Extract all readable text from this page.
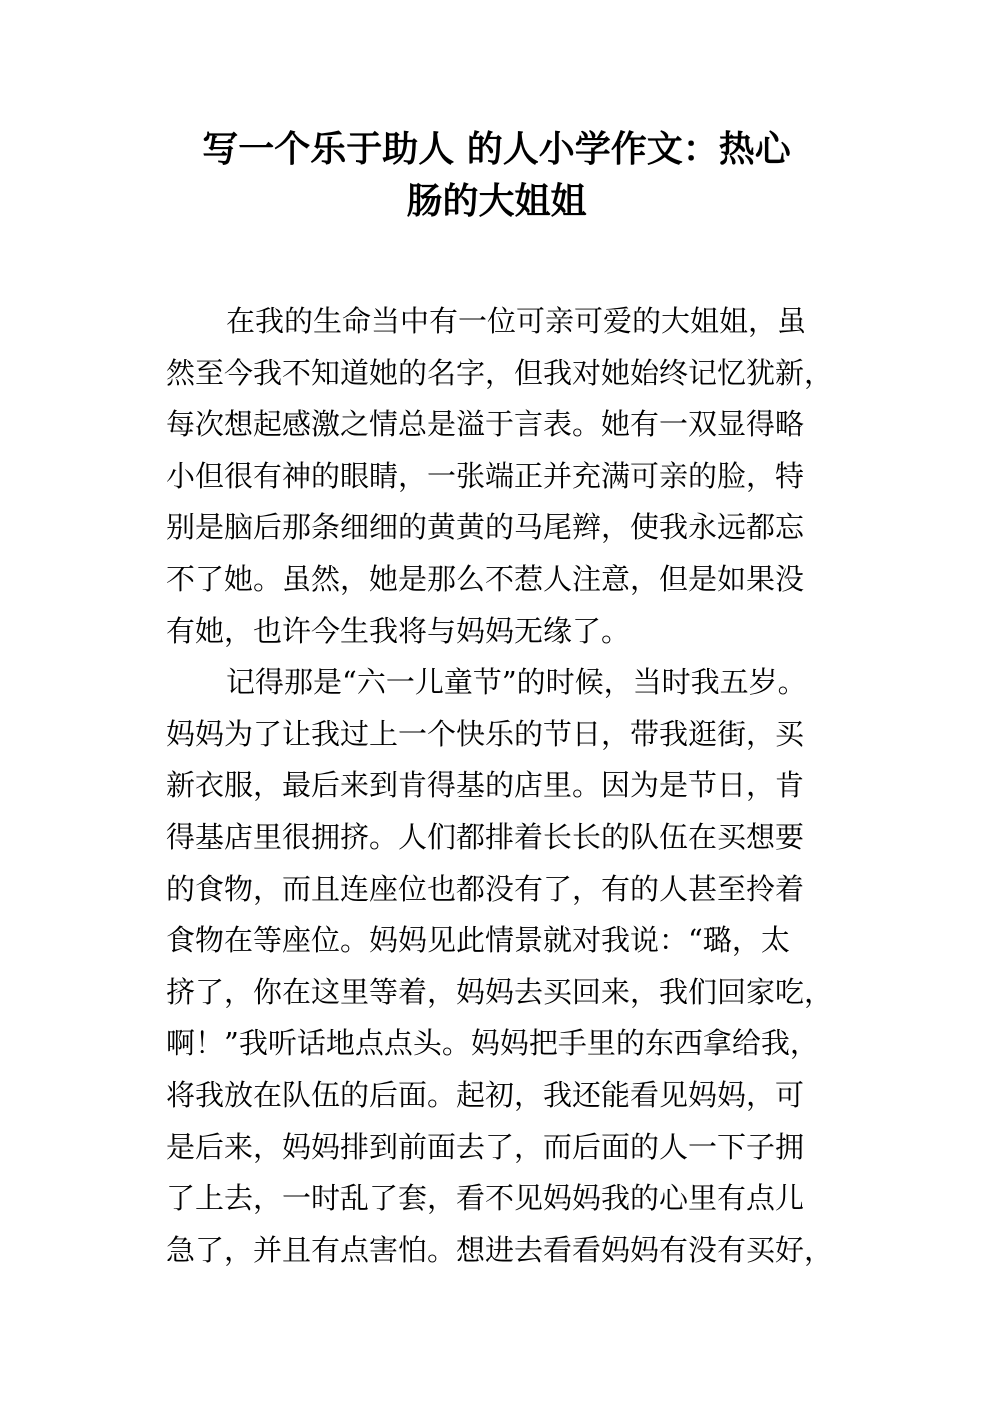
写一个乐于助人 的人小学作文：热心
肠的大姐姐
在我的生命当中有一位可亲可爱的大姐姐，虽
然至今我不知道她的名字，但我对她始终记忆犹新，
每次想起感激之情总是溢于言表。她有一双显得略
小但很有神的眼睛，一张端正并充满可亲的脸，特
别是脑后那条细细的黄黄的马尾辫，使我永远都忘
不了她。虽然，她是那么不惹人注意，但是如果没
有她，也许今生我将与妈妈无缘了。
记得那是“六一儿童节”的时候，当时我五岁。
妈妈为了让我过上一个快乐的节日，带我逛街，买
新衣服，最后来到肯得基的店里。因为是节日，肯
得基店里很拥挤。人们都排着长长的队伍在买想要
的食物，而且连座位也都没有了，有的人甚至拎着
食物在等座位。妈妈见此情景就对我说：“璐，太
挤了，你在这里等着，妈妈去买回来，我们回家吃，
啊！”我听话地点点头。妈妈把手里的东西拿给我，
将我放在队伍的后面。起初，我还能看见妈妈，可
是后来，妈妈排到前面去了，而后面的人一下子拥
了上去，一时乱了套，看不见妈妈我的心里有点儿
急了，并且有点害怕。想进去看看妈妈有没有买好，
